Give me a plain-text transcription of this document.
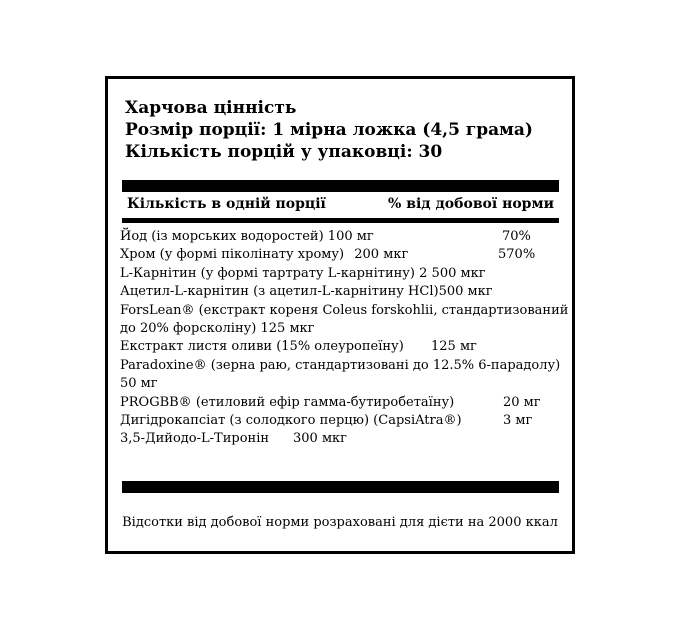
Харчова цінність
Розмір порції: 1 мірна ложка (4,5 грама)
Кількість порцій у упаковці: 30
Кількість в одній порції	% від добової норми
Йод (із морських водоростей) 100 мг	70%
Хром (у формі піколінату хрому) 200 мкг	570%
L-Карнітин (у формі тартрату L-карнітину) 2 500 мкг
Ацетил-L-карнітин (з ацетил-L-карнітину HCl)500 мкг
ForsLean® (екстракт кореня Coleus forskohlii, стандартизований до 20% форсколіну) 125 мкг
Екстракт листя оливи (15% олеуропеїну) 125 мг
Paradoxine® (зерна раю, стандартизовані до 12.5% 6-парадолу) 50 мг
PROGBB® (етиловий ефір гамма-бутиробетаїну)	20 мг
Дигідрокапсіат (з солодкого перцю) (CapsiAtra®)	3 мг
3,5-Дийодо-L-Тиронін 300 мкг
Відсотки від добової норми розраховані для дієти на 2000 ккал
